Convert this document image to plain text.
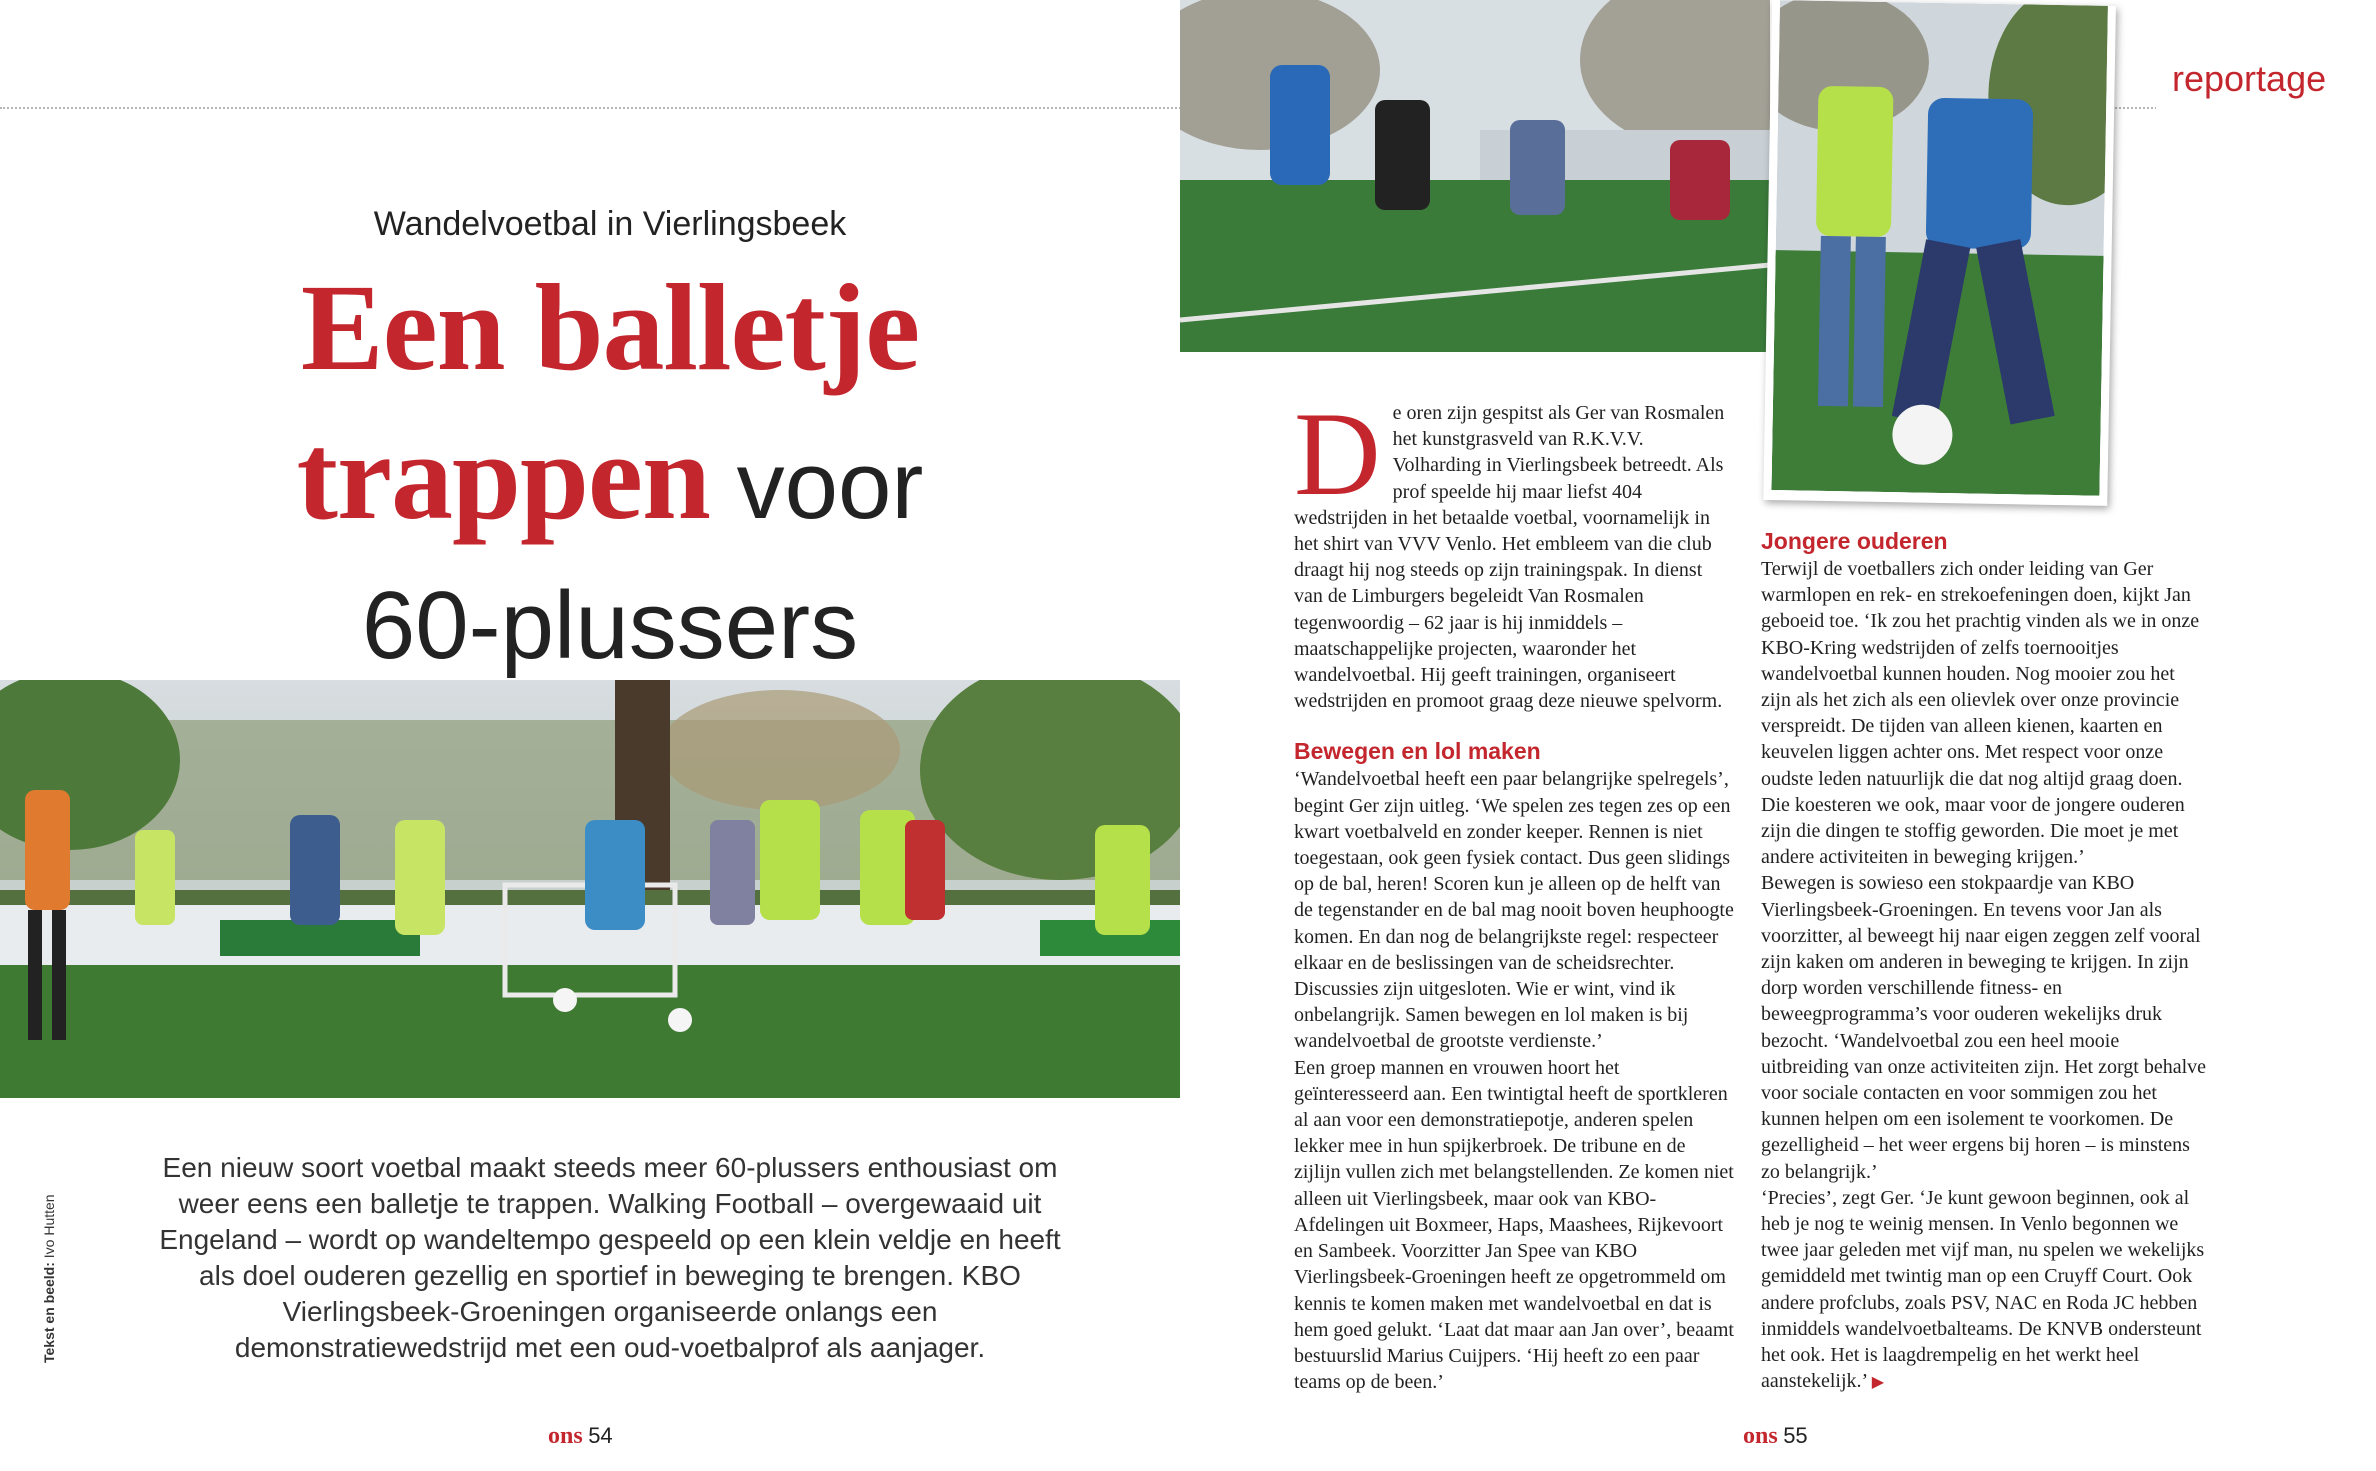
reportage
Wandelvoetbal in Vierlingsbeek
Een balletje
trappen voor
60-plussers
Een nieuw soort voetbal maakt steeds meer 60-plussers enthousiast om weer eens een balletje te trappen. Walking Football – overgewaaid uit Engeland – wordt op wandeltempo gespeeld op een klein veldje en heeft als doel ouderen gezellig en sportief in beweging te brengen. KBO Vierlingsbeek-Groeningen organiseerde onlangs een demonstratiewedstrijd met een oud-voetbalprof als aanjager.
Tekst en beeld: Ivo Hutten

De oren zijn gespitst als Ger van Rosmalen het kunstgrasveld van R.K.V.V. Volharding in Vierlingsbeek betreedt. Als prof speelde hij maar liefst 404 wedstrijden in het betaalde voetbal, voornamelijk in het shirt van VVV Venlo. Het embleem van die club draagt hij nog steeds op zijn trainingspak. In dienst van de Limburgers begeleidt Van Rosmalen tegenwoordig – 62 jaar is hij inmiddels – maatschappelijke projecten, waaronder het wandelvoetbal. Hij geeft trainingen, organiseert wedstrijden en promoot graag deze nieuwe spelvorm.

Bewegen en lol maken

‘Wandelvoetbal heeft een paar belangrijke spelregels’, begint Ger zijn uitleg. ‘We spelen zes tegen zes op een kwart voetbalveld en zonder keeper. Rennen is niet toegestaan, ook geen fysiek contact. Dus geen slidings op de bal, heren! Scoren kun je alleen op de helft van de tegenstander en de bal mag nooit boven heuphoogte komen. En dan nog de belangrijkste regel: respecteer elkaar en de beslissingen van de scheidsrechter. Discussies zijn uitgesloten. Wie er wint, vind ik onbelangrijk. Samen bewegen en lol maken is bij wandelvoetbal de grootste verdienste.’

Een groep mannen en vrouwen hoort het geïnteresseerd aan. Een twintigtal heeft de sportkleren al aan voor een demonstratiepotje, anderen spelen lekker mee in hun spijkerbroek. De tribune en de zijlijn vullen zich met belangstellenden. Ze komen niet alleen uit Vierlingsbeek, maar ook van KBO-Afdelingen uit Boxmeer, Haps, Maashees, Rijkevoort en Sambeek. Voorzitter Jan Spee van KBO Vierlingsbeek-Groeningen heeft ze opgetrommeld om kennis te komen maken met wandelvoetbal en dat is hem goed gelukt. ‘Laat dat maar aan Jan over’, beaamt bestuurslid Marius Cuijpers. ‘Hij heeft zo een paar teams op de been.’

Jongere ouderen

Terwijl de voetballers zich onder leiding van Ger warmlopen en rek- en strekoefeningen doen, kijkt Jan geboeid toe. ‘Ik zou het prachtig vinden als we in onze KBO-Kring wedstrijden of zelfs toernooitjes wandelvoetbal kunnen houden. Nog mooier zou het zijn als het zich als een olievlek over onze provincie verspreidt. De tijden van alleen kienen, kaarten en keuvelen liggen achter ons. Met respect voor onze oudste leden natuurlijk die dat nog altijd graag doen. Die koesteren we ook, maar voor de jongere ouderen zijn die dingen te stoffig geworden. Die moet je met andere activiteiten in beweging krijgen.’

Bewegen is sowieso een stokpaardje van KBO Vierlingsbeek-Groeningen. En tevens voor Jan als voorzitter, al beweegt hij naar eigen zeggen zelf vooral zijn kaken om anderen in beweging te krijgen. In zijn dorp worden verschillende fitness- en beweegprogramma’s voor ouderen wekelijks druk bezocht. ‘Wandelvoetbal zou een heel mooie uitbreiding van onze activiteiten zijn. Het zorgt behalve voor sociale contacten en voor sommigen zou het kunnen helpen om een isolement te voorkomen. De gezelligheid – het weer ergens bij horen – is minstens zo belangrijk.’

‘Precies’, zegt Ger. ‘Je kunt gewoon beginnen, ook al heb je nog te weinig mensen. In Venlo begonnen we twee jaar geleden met vijf man, nu spelen we wekelijks gemiddeld met twintig man op een Cruyff Court. Ook andere profclubs, zoals PSV, NAC en Roda JC hebben inmiddels wandelvoetbalteams. De KNVB ondersteunt het ook. Het is laagdrempelig en het werkt heel aanstekelijk.’ ▶

ons 54	ons 55
